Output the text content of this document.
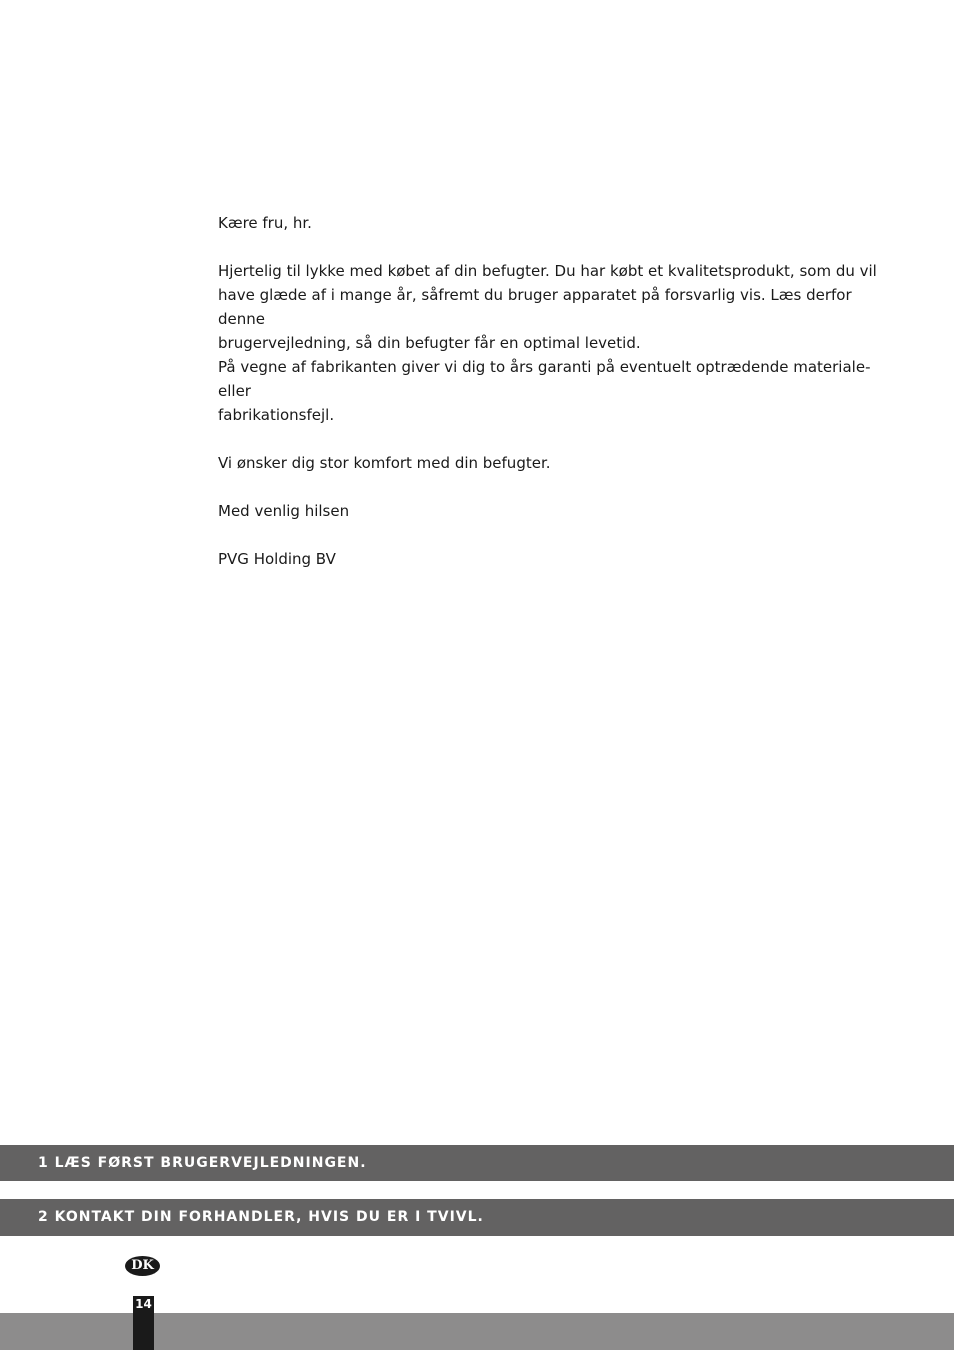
Kære fru, hr.

Hjertelig til lykke med købet af din befugter. Du har købt et kvalitetsprodukt, som du vil

have glæde af i mange år, såfremt du bruger apparatet på forsvarlig vis. Læs derfor denne

brugervejledning, så din befugter får en optimal levetid.

På vegne af fabrikanten giver vi dig to års garanti på eventuelt optrædende materiale- eller

fabrikationsfejl.

Vi ønsker dig stor komfort med din befugter.

Med venlig hilsen

PVG Holding BV

1 LÆS FØRST BRUGERVEJLEDNINGEN.
2 KONTAKT DIN FORHANDLER, HVIS DU ER I TVIVL.
DK
14
